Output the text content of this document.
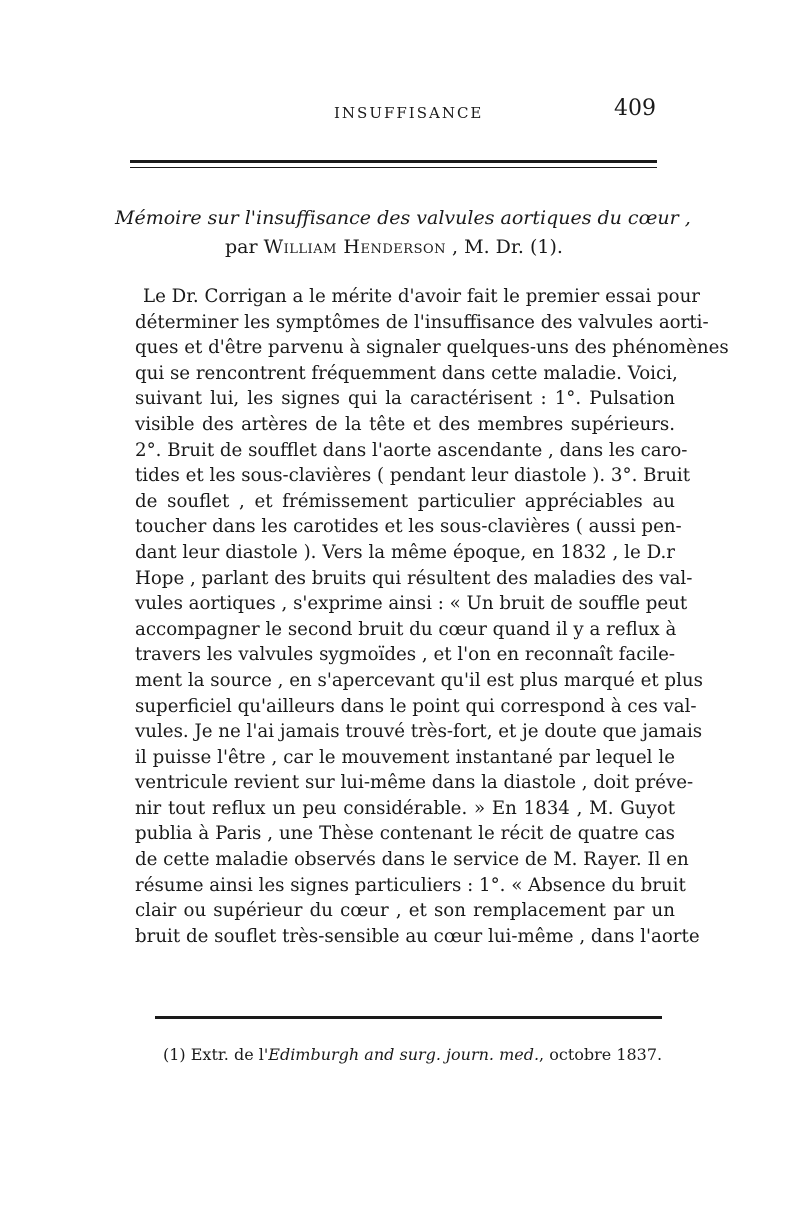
INSUFFISANCE	409
Mémoire sur l'insuffisance des valvules aortiques du cœur ,
par William Henderson , M. Dr. (1).
Le Dr. Corrigan a le mérite d'avoir fait le premier essai pour
déterminer les symptômes de l'insuffisance des valvules aorti-
ques et d'être parvenu à signaler quelques-uns des phénomènes
qui se rencontrent fréquemment dans cette maladie. Voici,
suivant lui, les signes qui la caractérisent : 1°. Pulsation
visible des artères de la tête et des membres supérieurs.
2°. Bruit de soufflet dans l'aorte ascendante , dans les caro-
tides et les sous-clavières ( pendant leur diastole ). 3°. Bruit
de souflet , et frémissement particulier appréciables au
toucher dans les carotides et les sous-clavières ( aussi pen-
dant leur diastole ). Vers la même époque, en 1832 , le D.r
Hope , parlant des bruits qui résultent des maladies des val-
vules aortiques , s'exprime ainsi : « Un bruit de souffle peut
accompagner le second bruit du cœur quand il y a reflux à
travers les valvules sygmoïdes , et l'on en reconnaît facile-
ment la source , en s'apercevant qu'il est plus marqué et plus
superficiel qu'ailleurs dans le point qui correspond à ces val-
vules. Je ne l'ai jamais trouvé très-fort, et je doute que jamais
il puisse l'être , car le mouvement instantané par lequel le
ventricule revient sur lui-même dans la diastole , doit préve-
nir tout reflux un peu considérable. » En 1834 , M. Guyot
publia à Paris , une Thèse contenant le récit de quatre cas
de cette maladie observés dans le service de M. Rayer. Il en
résume ainsi les signes particuliers : 1°. « Absence du bruit
clair ou supérieur du cœur , et son remplacement par un
bruit de souflet très-sensible au cœur lui-même , dans l'aorte
(1) Extr. de l'Edimburgh and surg. journ. med., octobre 1837.
